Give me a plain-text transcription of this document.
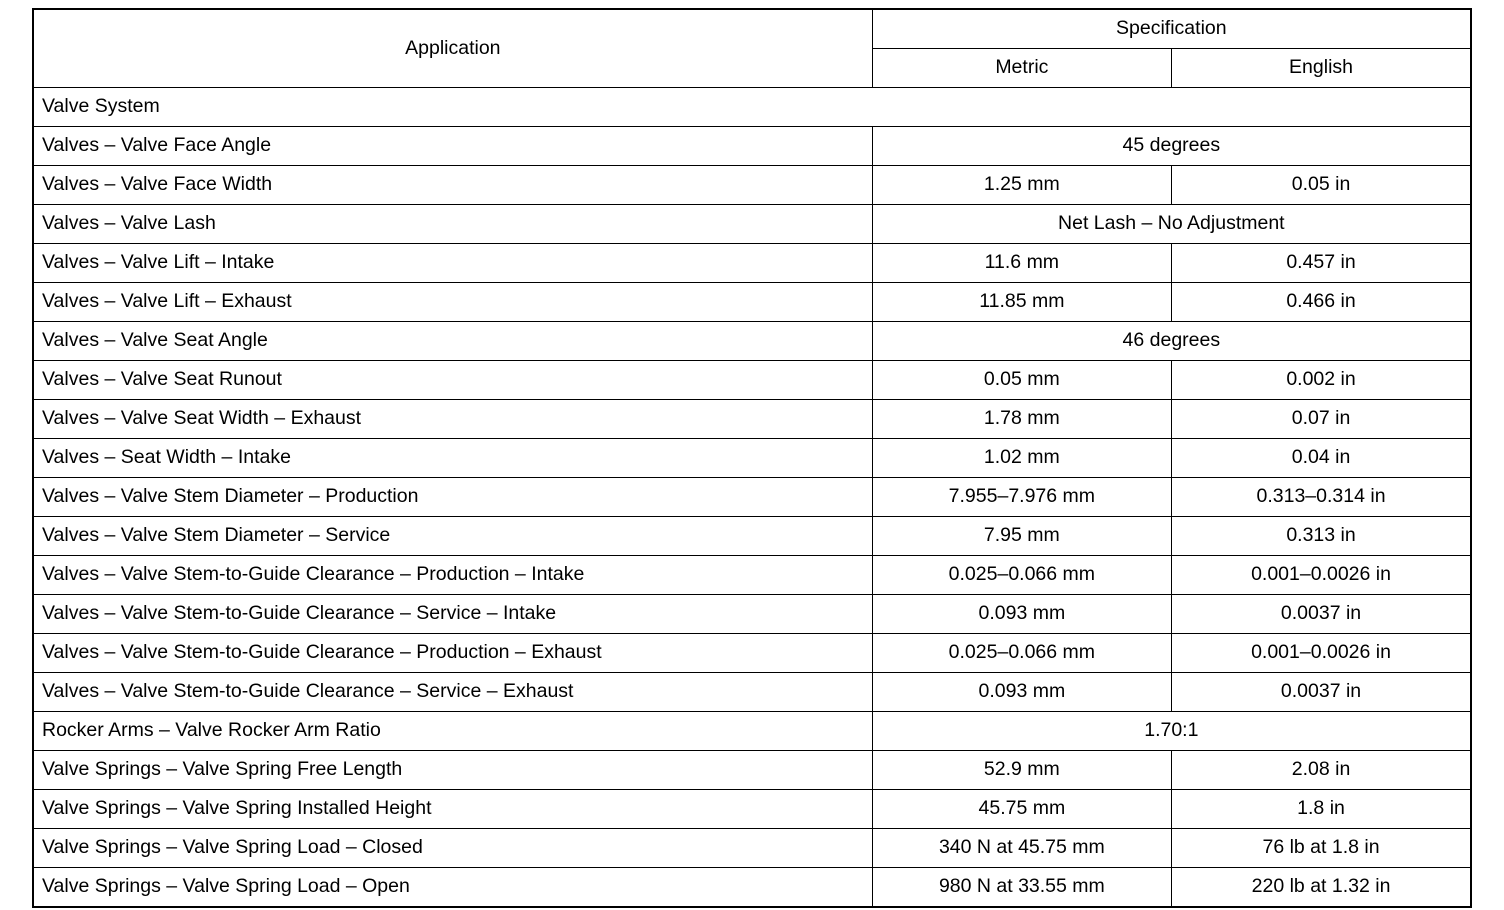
Application	Specification	
	Metric	English
Valve System		
Valves – Valve Face Angle	45 degrees	
Valves – Valve Face Width	1.25 mm	0.05 in
Valves – Valve Lash	Net Lash – No Adjustment	
Valves – Valve Lift – Intake	11.6 mm	0.457 in
Valves – Valve Lift – Exhaust	11.85 mm	0.466 in
Valves – Valve Seat Angle	46 degrees	
Valves – Valve Seat Runout	0.05 mm	0.002 in
Valves – Valve Seat Width – Exhaust	1.78 mm	0.07 in
Valves – Seat Width – Intake	1.02 mm	0.04 in
Valves – Valve Stem Diameter – Production	7.955–7.976 mm	0.313–0.314 in
Valves – Valve Stem Diameter – Service	7.95 mm	0.313 in
Valves – Valve Stem-to-Guide Clearance – Production – Intake	0.025–0.066 mm	0.001–0.0026 in
Valves – Valve Stem-to-Guide Clearance – Service – Intake	0.093 mm	0.0037 in
Valves – Valve Stem-to-Guide Clearance – Production – Exhaust	0.025–0.066 mm	0.001–0.0026 in
Valves – Valve Stem-to-Guide Clearance – Service – Exhaust	0.093 mm	0.0037 in
Rocker Arms – Valve Rocker Arm Ratio	1.70:1	
Valve Springs – Valve Spring Free Length	52.9 mm	2.08 in
Valve Springs – Valve Spring Installed Height	45.75 mm	1.8 in
Valve Springs – Valve Spring Load – Closed	340 N at 45.75 mm	76 lb at 1.8 in
Valve Springs – Valve Spring Load – Open	980 N at 33.55 mm	220 lb at 1.32 in
